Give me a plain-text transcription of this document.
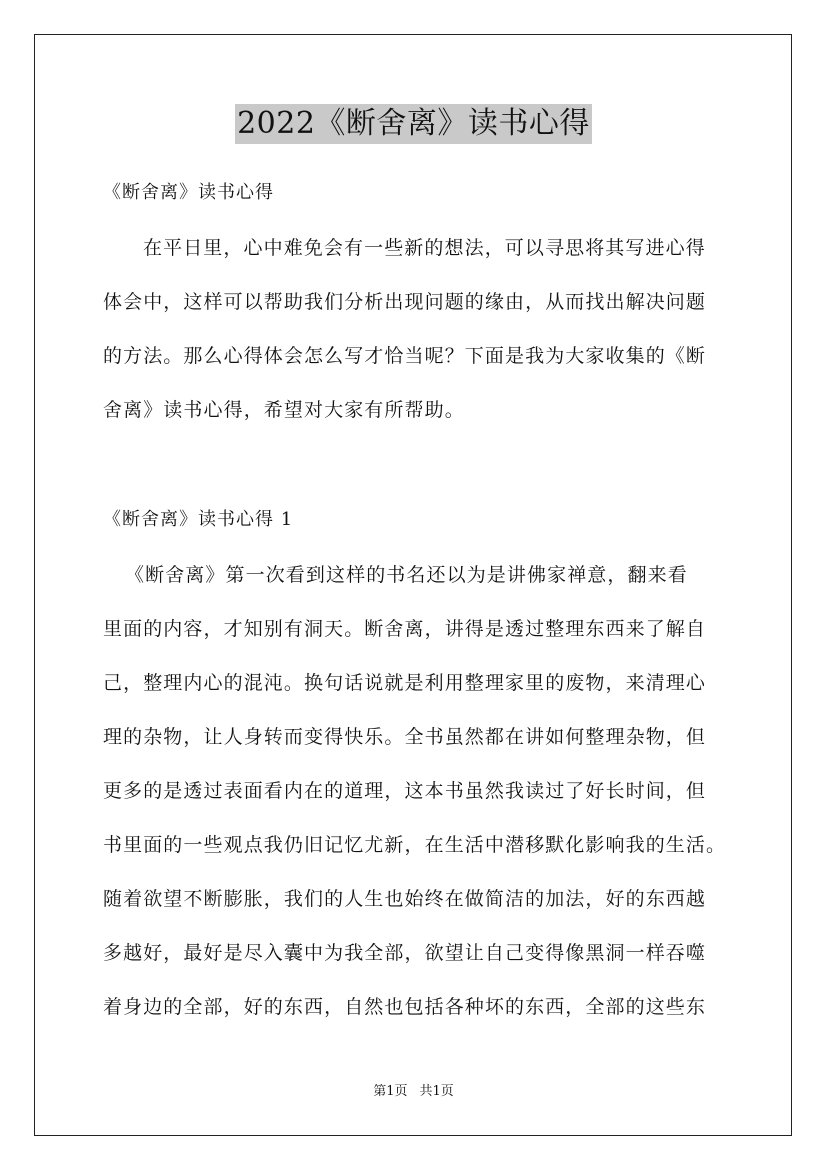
2022《断舍离》读书心得
《断舍离》读书心得
在平日里，心中难免会有一些新的想法，可以寻思将其写进心得
体会中，这样可以帮助我们分析出现问题的缘由，从而找出解决问题
的方法。那么心得体会怎么写才恰当呢？下面是我为大家收集的《断
舍离》读书心得，希望对大家有所帮助。
《断舍离》读书心得 1
《断舍离》第一次看到这样的书名还以为是讲佛家禅意，翻来看
里面的内容，才知别有洞天。断舍离，讲得是透过整理东西来了解自
己，整理内心的混沌。换句话说就是利用整理家里的废物，来清理心
理的杂物，让人身转而变得快乐。全书虽然都在讲如何整理杂物，但
更多的是透过表面看内在的道理，这本书虽然我读过了好长时间，但
书里面的一些观点我仍旧记忆尤新，在生活中潜移默化影响我的生活。
随着欲望不断膨胀，我们的人生也始终在做简洁的加法，好的东西越
多越好，最好是尽入囊中为我全部，欲望让自己变得像黑洞一样吞噬
着身边的全部，好的东西，自然也包括各种坏的东西，全部的这些东
第1页 共1页
